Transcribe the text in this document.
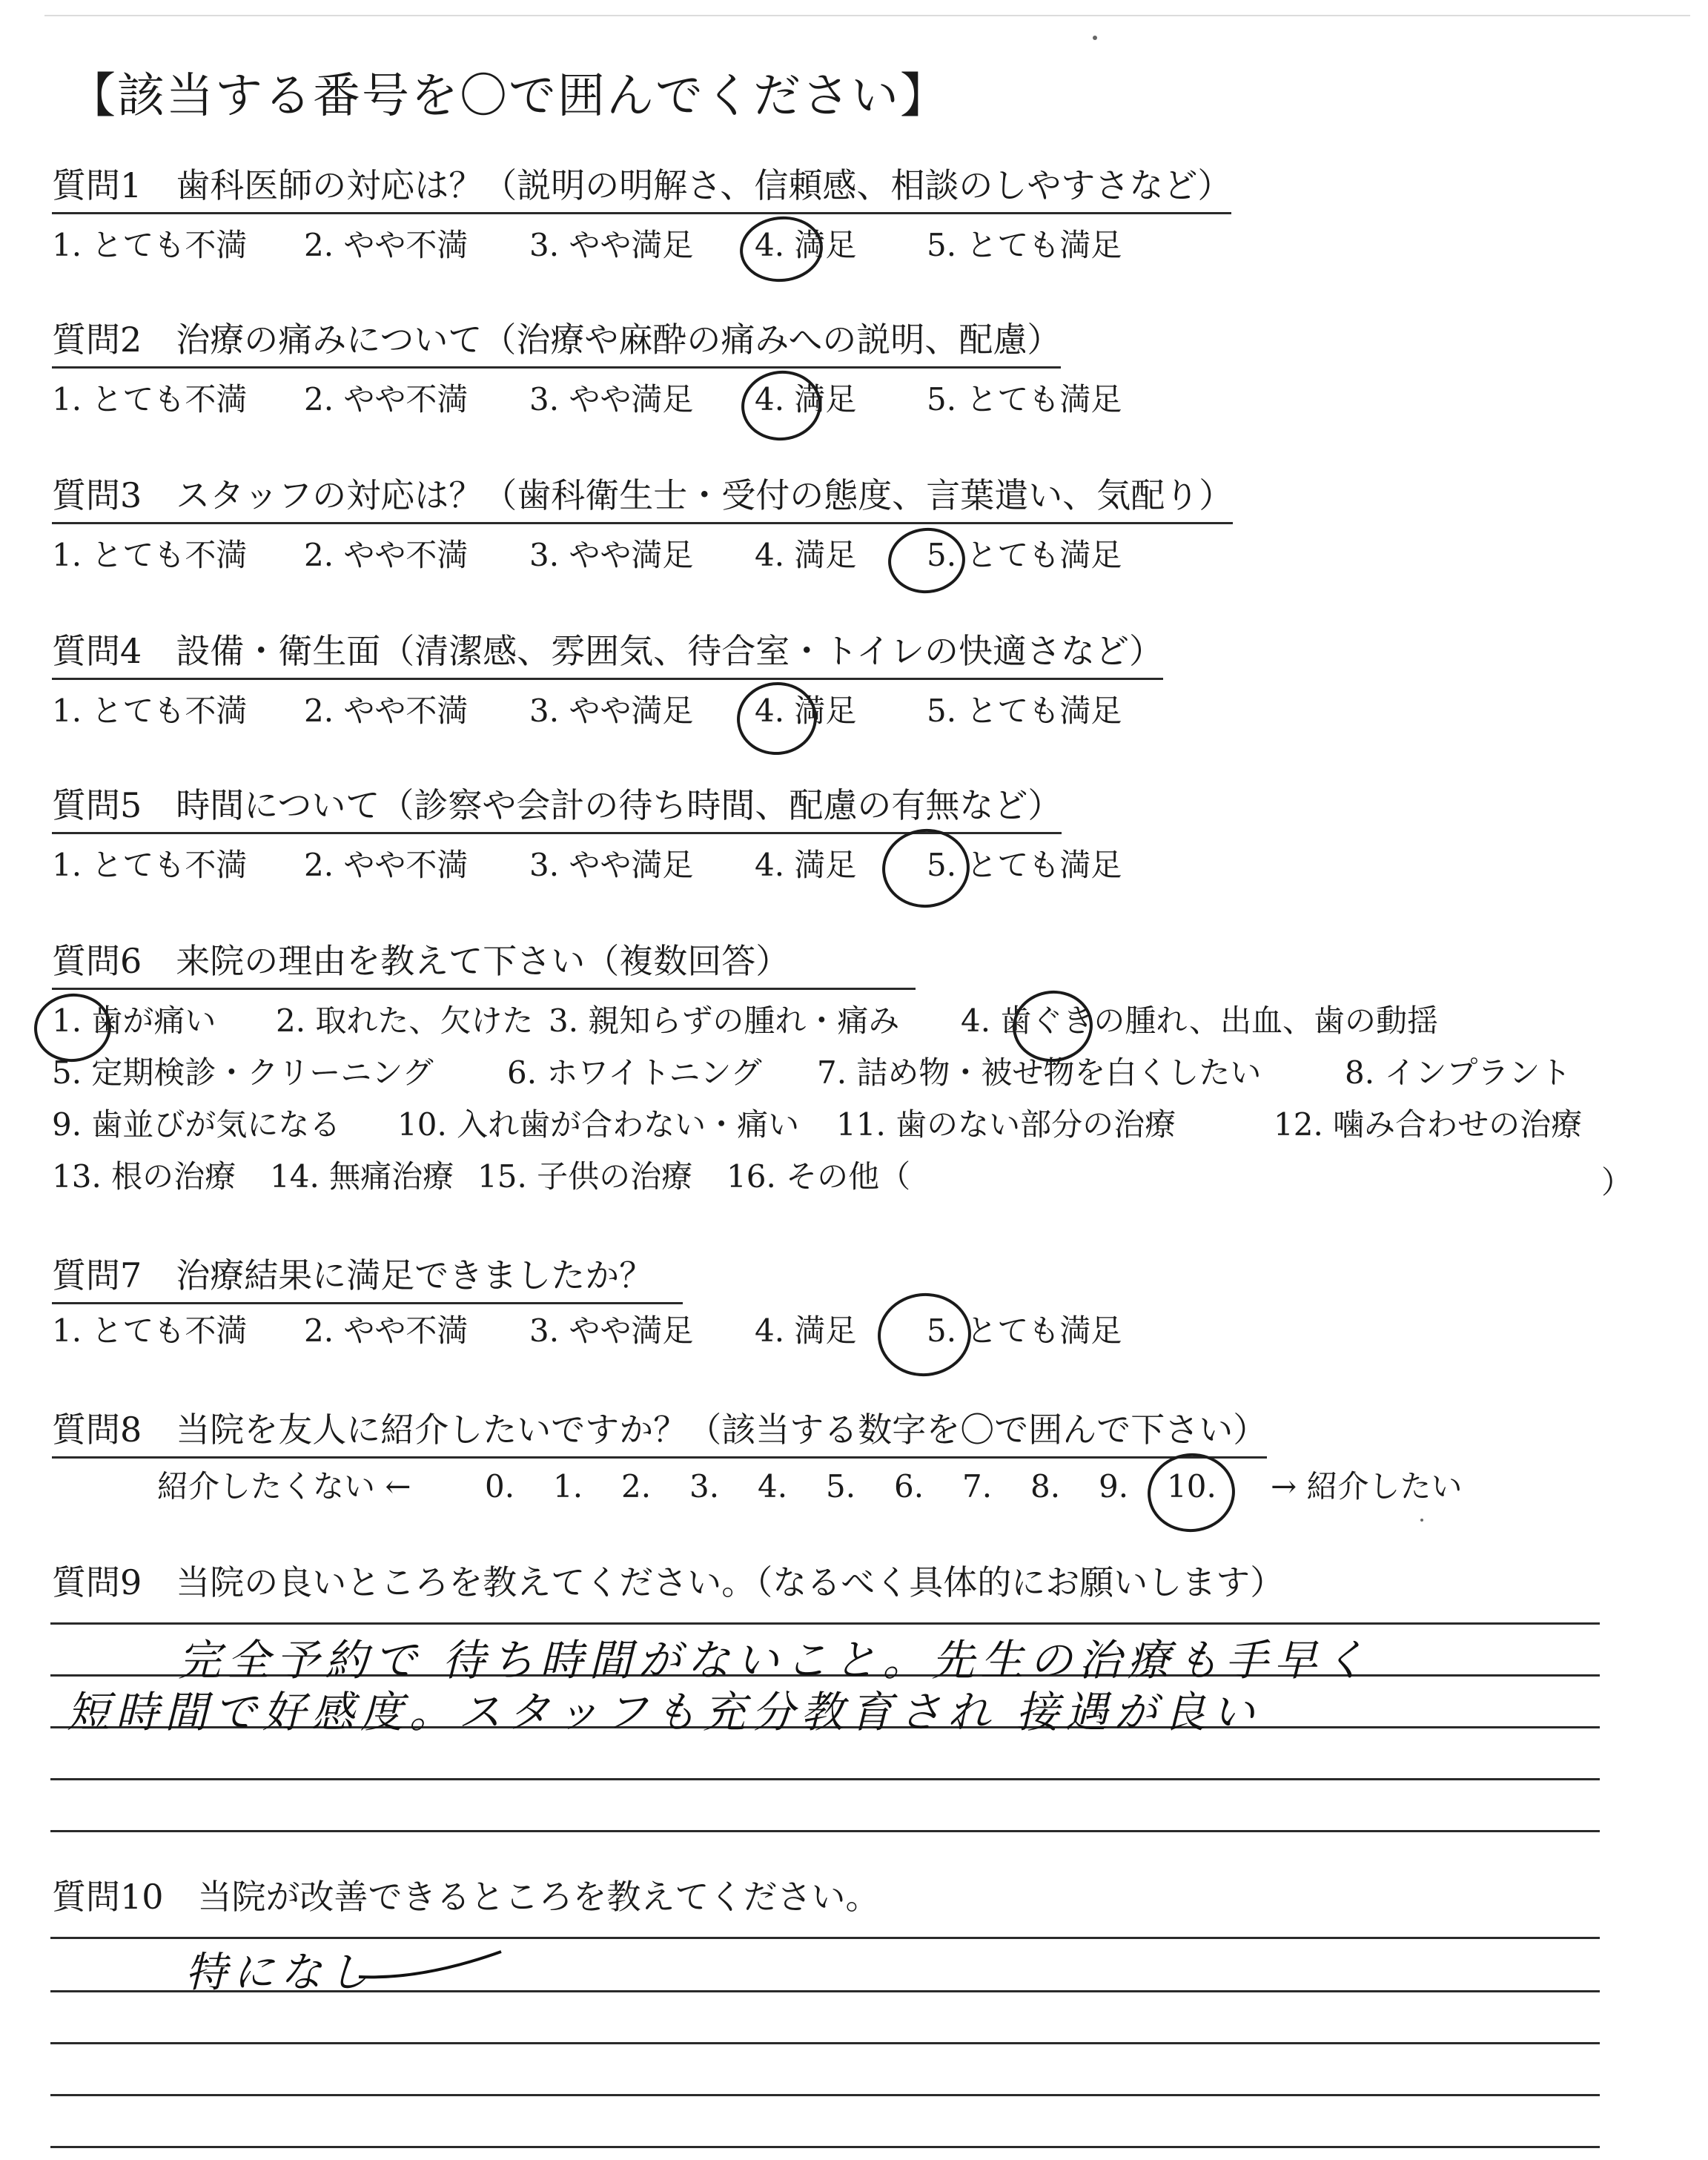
【該当する番号を〇で囲んでください】
質問1　歯科医師の対応は？（説明の明解さ、信頼感、相談のしやすさなど）
1. とても不満 2. やや不満 3. やや満足 4. 満足 5. とても満足
質問2　治療の痛みについて（治療や麻酔の痛みへの説明、配慮）
1. とても不満 2. やや不満 3. やや満足 4. 満足 5. とても満足
質問3　スタッフの対応は？（歯科衛生士・受付の態度、言葉遣い、気配り）
1. とても不満 2. やや不満 3. やや満足 4. 満足 5. とても満足
質問4　設備・衛生面（清潔感、雰囲気、待合室・トイレの快適さなど）
1. とても不満 2. やや不満 3. やや満足 4. 満足 5. とても満足
質問5　時間について（診察や会計の待ち時間、配慮の有無など）
1. とても不満 2. やや不満 3. やや満足 4. 満足 5. とても満足
質問6　来院の理由を教えて下さい（複数回答）
1. 歯が痛い 2. 取れた、欠けた 3. 親知らずの腫れ・痛み 4. 歯ぐきの腫れ、出血、歯の動揺
5. 定期検診・クリーニング 6. ホワイトニング 7. 詰め物・被せ物を白くしたい	8. インプラント
9. 歯並びが気になる 10. 入れ歯が合わない・痛い 11. 歯のない部分の治療	12. 噛み合わせの治療
13. 根の治療 14. 無痛治療 15. 子供の治療 16. その他（	）
質問7　治療結果に満足できましたか？
1. とても不満 2. やや不満 3. やや満足 4. 満足 5. とても満足
質問8　当院を友人に紹介したいですか？（該当する数字を〇で囲んで下さい）
紹介したくない ← 0. 1. 2. 3. 4. 5. 6. 7. 8. 9. 10. → 紹介したい
質問9　当院の良いところを教えてください。（なるべく具体的にお願いします）
完全予約で 待ち時間がないこと。先生の治療も手早く
短時間で好感度。スタッフも充分教育され 接遇が良い
質問10　当院が改善できるところを教えてください。
特になし
